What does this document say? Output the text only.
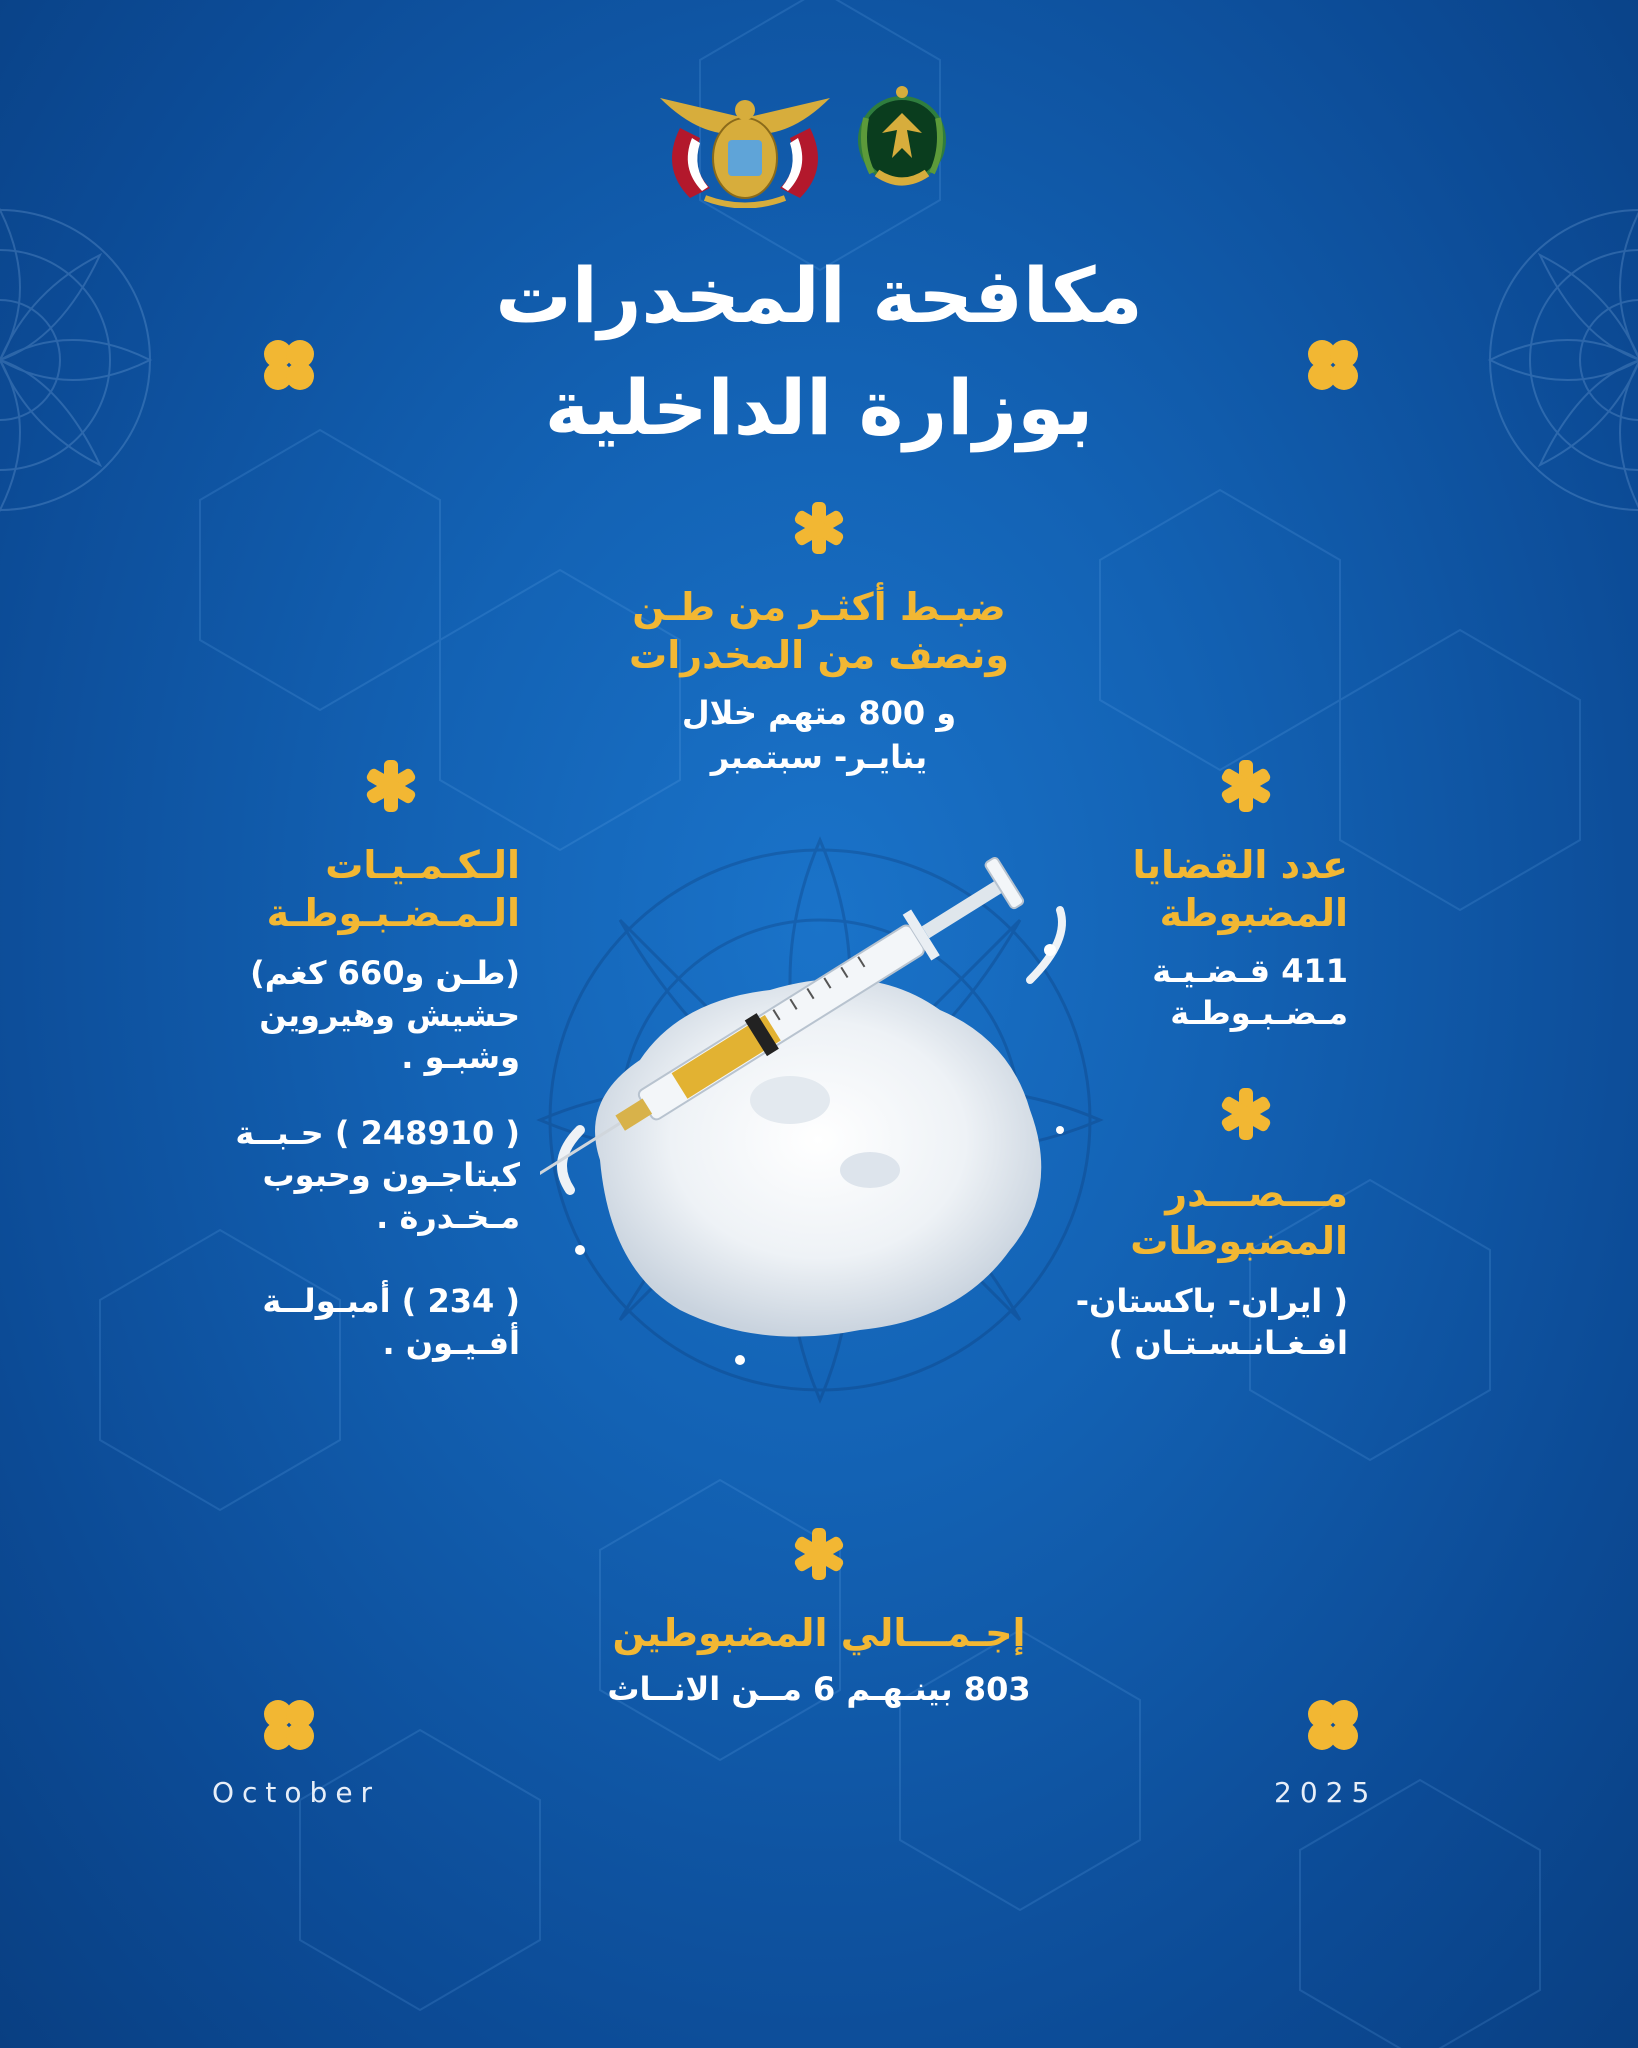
مكافحة المخدرات
بوزارة الداخلية
ضبـط أكثـر من طـن
ونصف من المخدرات
و 800 متهم خلال
ينايـر- سبتمبر
عدد القضايا
المضبوطة
411 قـضـيـة
مـضـبـوطـة
مـــصـــدر
المضبوطات
( ايران- باكستان-
افـغـانـسـتـان )
الـكـمـيـات
الـمـضـبـوطـة
(طـن و660 كغم)
حشيش وهيروين
وشبـو .
( 248910 ) حـبــة
كبتاجـون وحبوب
مـخـدرة .
( 234 ) أمبـولــة
أفـيـون .
إجـمـــالي المضبوطين
803 بينـهـم 6 مــن الانــاث
October	2025
